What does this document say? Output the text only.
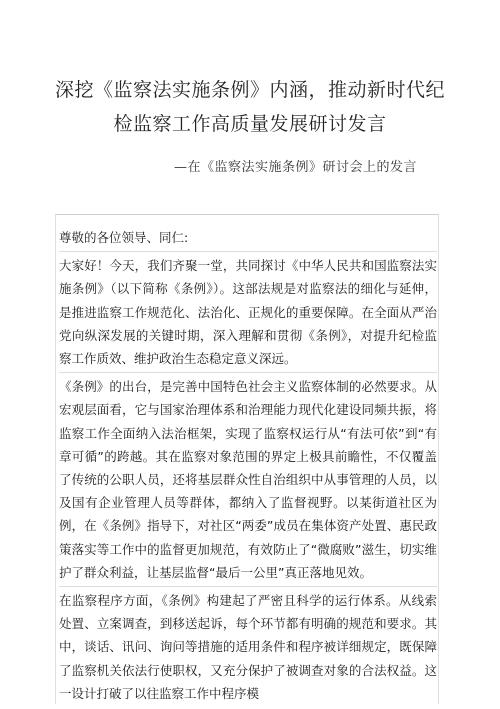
深挖《监察法实施条例》内涵，推动新时代纪
检监察工作高质量发展研讨发言
—在《监察法实施条例》研讨会上的发言

尊敬的各位领导、同仁:

大家好！今天，我们齐聚一堂，共同探讨《中华人民共和国监察法实施条例》（以下简称《条例》）。这部法规是对监察法的细化与延伸，是推进监察工作规范化、法治化、正规化的重要保障。在全面从严治党向纵深发展的关键时期，深入理解和贯彻《条例》，对提升纪检监察工作质效、维护政治生态稳定意义深远。

《条例》的出台，是完善中国特色社会主义监察体制的必然要求。从宏观层面看，它与国家治理体系和治理能力现代化建设同频共振，将监察工作全面纳入法治框架，实现了监察权运行从“有法可依”到“有章可循”的跨越。其在监察对象范围的界定上极具前瞻性，不仅覆盖了传统的公职人员，还将基层群众性自治组织中从事管理的人员，以及国有企业管理人员等群体，都纳入了监督视野。以某街道社区为例，在《条例》指导下，对社区“两委”成员在集体资产处置、惠民政策落实等工作中的监督更加规范，有效防止了“微腐败”滋生，切实维护了群众利益，让基层监督“最后一公里”真正落地见效。

在监察程序方面，《条例》构建起了严密且科学的运行体系。从线索处置、立案调查，到移送起诉，每个环节都有明确的规范和要求。其中，谈话、讯问、询问等措施的适用条件和程序被详细规定，既保障了监察机关依法行使职权，又充分保护了被调查对象的合法权益。这一设计打破了以往监察工作中程序模
